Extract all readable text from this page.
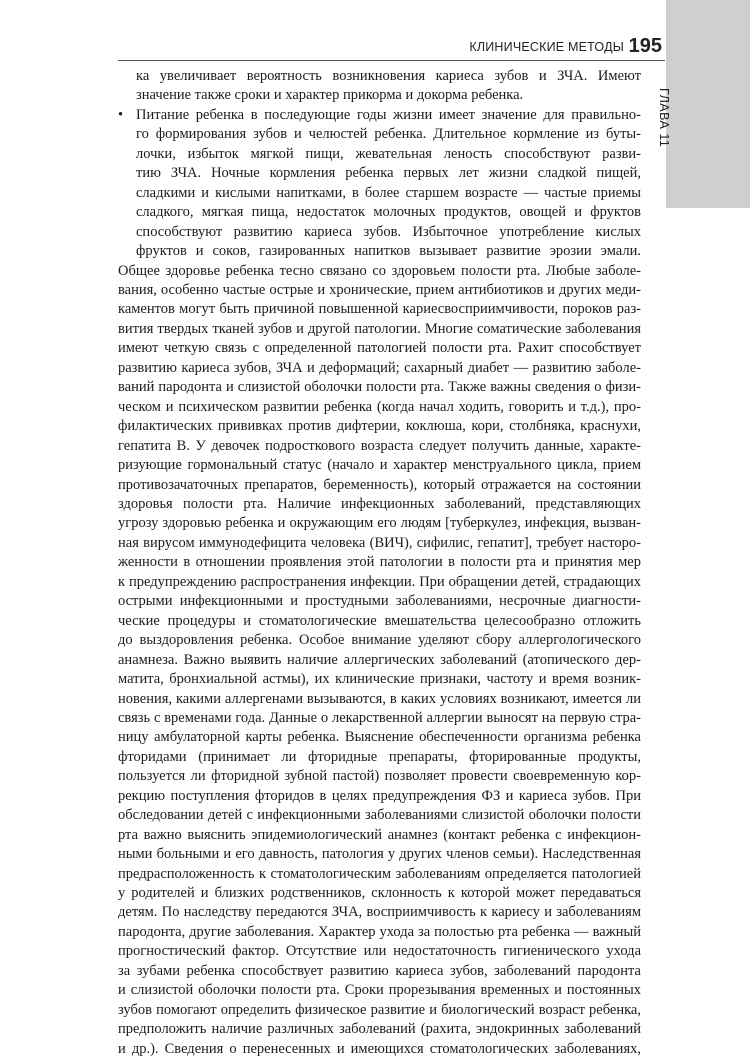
ГЛАВА 11
КЛИНИЧЕСКИЕ МЕТОДЫ 195
ка увеличивает вероятность возникновения кариеса зубов и ЗЧА. Имеют
значение также сроки и характер прикорма и докорма ребенка.
• Питание ребенка в последующие годы жизни имеет значение для правильно-
го формирования зубов и челюстей ребенка. Длительное кормление из буты-
лочки, избыток мягкой пищи, жевательная леность способствуют разви-
тию ЗЧА. Ночные кормления ребенка первых лет жизни сладкой пищей,
сладкими и кислыми напитками, в более старшем возрасте — частые приемы
сладкого, мягкая пища, недостаток молочных продуктов, овощей и фруктов
способствуют развитию кариеса зубов. Избыточное употребление кислых
фруктов и соков, газированных напитков вызывает развитие эрозии эмали.
Общее здоровье ребенка тесно связано со здоровьем полости рта. Любые заболе-
вания, особенно частые острые и хронические, прием антибиотиков и других меди-
каментов могут быть причиной повышенной кариесвосприимчивости, пороков раз-
вития твердых тканей зубов и другой патологии. Многие соматические заболевания
имеют четкую связь с определенной патологией полости рта. Рахит способствует
развитию кариеса зубов, ЗЧА и деформаций; сахарный диабет — развитию заболе-
ваний пародонта и слизистой оболочки полости рта. Также важны сведения о физи-
ческом и психическом развитии ребенка (когда начал ходить, говорить и т.д.), про-
филактических прививках против дифтерии, коклюша, кори, столбняка, краснухи,
гепатита В. У девочек подросткового возраста следует получить данные, характе-
ризующие гормональный статус (начало и характер менструального цикла, прием
противозачаточных препаратов, беременность), который отражается на состоянии
здоровья полости рта. Наличие инфекционных заболеваний, представляющих
угрозу здоровью ребенка и окружающим его людям [туберкулез, инфекция, вызван-
ная вирусом иммунодефицита человека (ВИЧ), сифилис, гепатит], требует насторо-
женности в отношении проявления этой патологии в полости рта и принятия мер
к предупреждению распространения инфекции. При обращении детей, страдающих
острыми инфекционными и простудными заболеваниями, несрочные диагности-
ческие процедуры и стоматологические вмешательства целесообразно отложить
до выздоровления ребенка. Особое внимание уделяют сбору аллергологического
анамнеза. Важно выявить наличие аллергических заболеваний (атопического дер-
матита, бронхиальной астмы), их клинические признаки, частоту и время возник-
новения, какими аллергенами вызываются, в каких условиях возникают, имеется ли
связь с временами года. Данные о лекарственной аллергии выносят на первую стра-
ницу амбулаторной карты ребенка. Выяснение обеспеченности организма ребенка
фторидами (принимает ли фторидные препараты, фторированные продукты,
пользуется ли фторидной зубной пастой) позволяет провести своевременную кор-
рекцию поступления фторидов в целях предупреждения ФЗ и кариеса зубов. При
обследовании детей с инфекционными заболеваниями слизистой оболочки полости
рта важно выяснить эпидемиологический анамнез (контакт ребенка с инфекцион-
ными больными и его давность, патология у других членов семьи). Наследственная
предрасположенность к стоматологическим заболеваниям определяется патологией
у родителей и близких родственников, склонность к которой может передаваться
детям. По наследству передаются ЗЧА, восприимчивость к кариесу и заболеваниям
пародонта, другие заболевания. Характер ухода за полостью рта ребенка — важный
прогностический фактор. Отсутствие или недостаточность гигиенического ухода
за зубами ребенка способствует развитию кариеса зубов, заболеваний пародонта
и слизистой оболочки полости рта. Сроки прорезывания временных и постоянных
зубов помогают определить физическое развитие и биологический возраст ребенка,
предположить наличие различных заболеваний (рахита, эндокринных заболеваний
и др.). Сведения о перенесенных и имеющихся стоматологических заболеваниях,
